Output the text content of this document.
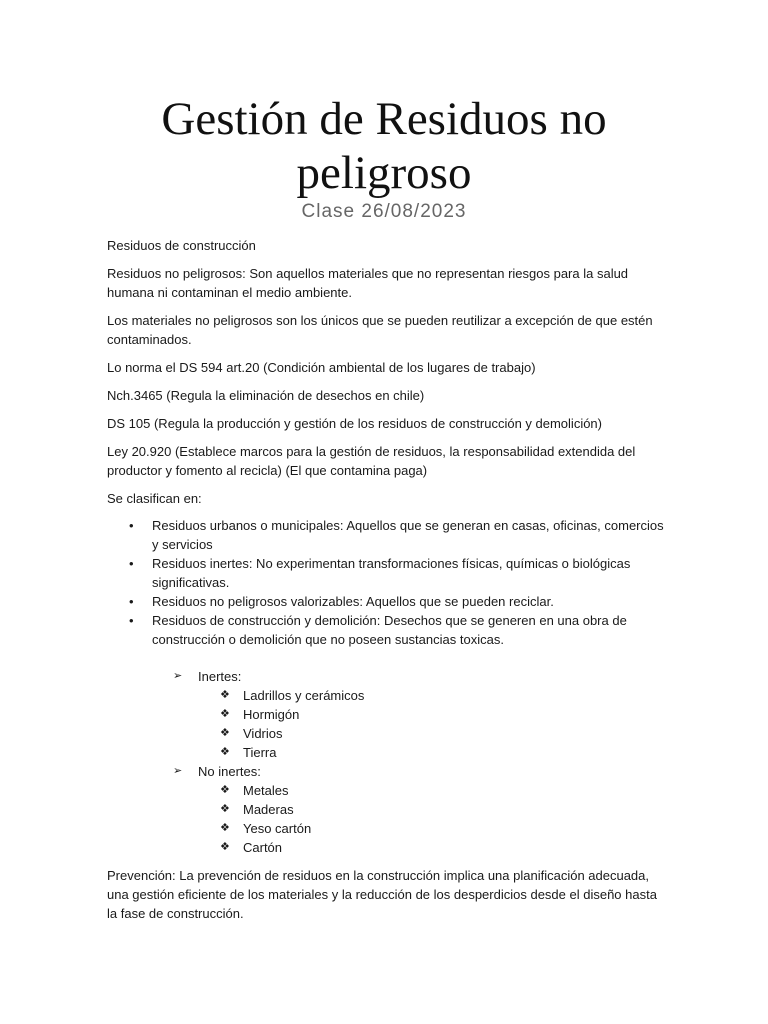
Gestión de Residuos no
peligroso
Clase 26/08/2023

Residuos de construcción

Residuos no peligrosos: Son aquellos materiales que no representan riesgos para la salud humana ni contaminan el medio ambiente.

Los materiales no peligrosos son los únicos que se pueden reutilizar a excepción de que estén contaminados.

Lo norma el DS 594 art.20 (Condición ambiental de los lugares de trabajo)

Nch.3465 (Regula la eliminación de desechos en chile)

DS 105 (Regula la producción y gestión de los residuos de construcción y demolición)

Ley 20.920 (Establece marcos para la gestión de residuos, la responsabilidad extendida del productor y fomento al recicla) (El que contamina paga)

Se clasifican en:

• Residuos urbanos o municipales: Aquellos que se generan en casas, oficinas, comercios y servicios
• Residuos inertes: No experimentan transformaciones físicas, químicas o biológicas significativas.
• Residuos no peligrosos valorizables: Aquellos que se pueden reciclar.
• Residuos de construcción y demolición: Desechos que se generen en una obra de construcción o demolición que no poseen sustancias toxicas.
➢ Inertes:
❖ Ladrillos y cerámicos
❖ Hormigón
❖ Vidrios
❖ Tierra
➢ No inertes:
❖ Metales
❖ Maderas
❖ Yeso cartón
❖ Cartón

Prevención: La prevención de residuos en la construcción implica una planificación adecuada, una gestión eficiente de los materiales y la reducción de los desperdicios desde el diseño hasta la fase de construcción.
